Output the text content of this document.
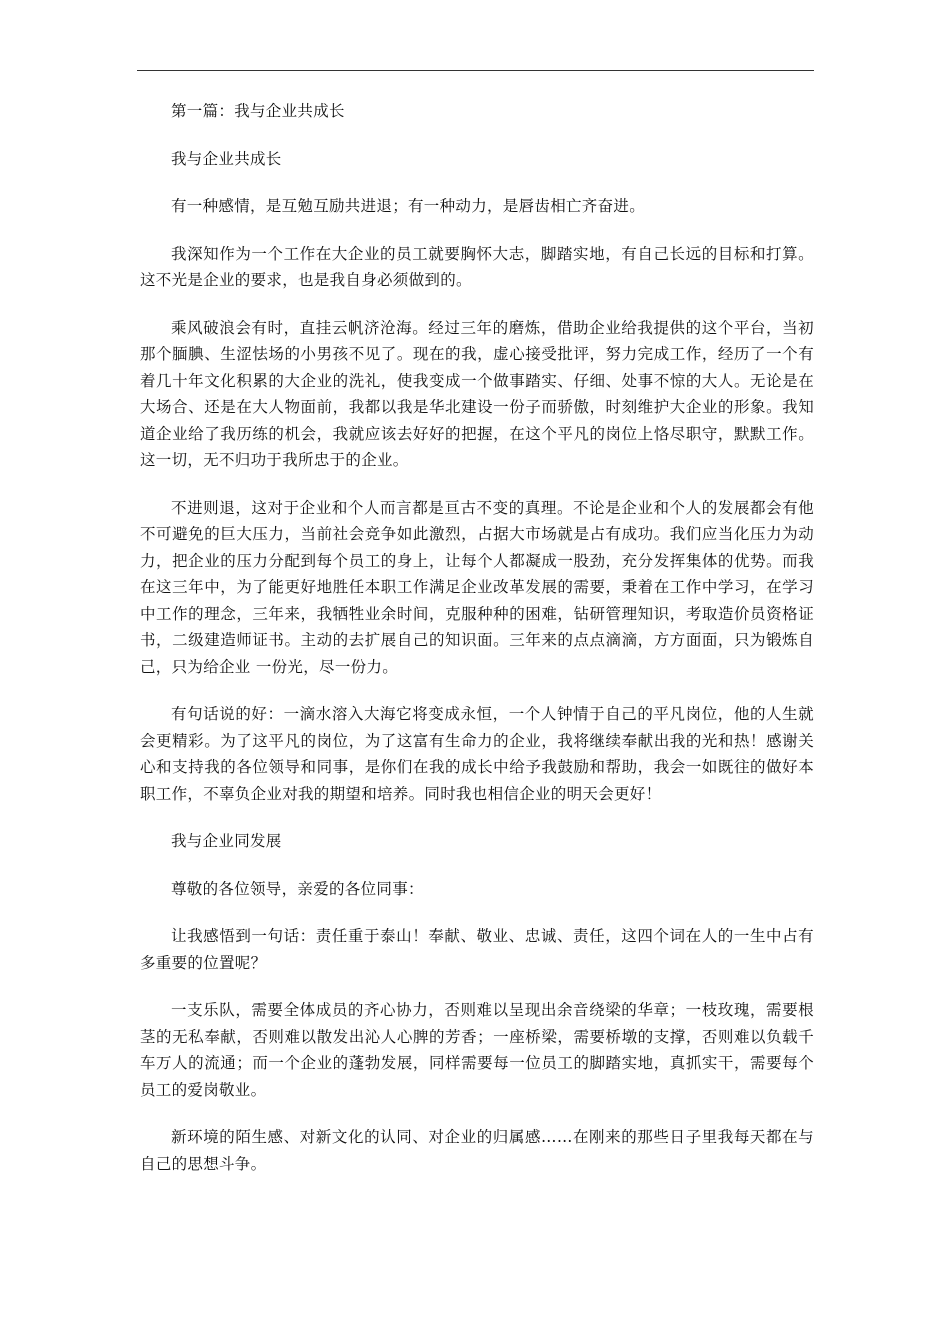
第一篇：我与企业共成长

我与企业共成长

有一种感情，是互勉互励共进退；有一种动力，是唇齿相亡齐奋进。

我深知作为一个工作在大企业的员工就要胸怀大志，脚踏实地，有自己长远的目标和打算。 这不光是企业的要求，也是我自身必须做到的。

乘风破浪会有时，直挂云帆济沧海。经过三年的磨炼，借助企业给我提供的这个平台，当初那个腼腆、生涩怯场的小男孩不见了。现在的我，虚心接受批评，努力完成工作，经历了一个有着几十年文化积累的大企业的洗礼，使我变成一个做事踏实、仔细、处事不惊的大人。无论是在大场合、还是在大人物面前，我都以我是华北建设一份子而骄傲，时刻维护大企业的形象。我知道企业给了我历练的机会，我就应该去好好的把握，在这个平凡的岗位上恪尽职守，默默工作。这一切，无不归功于我所忠于的企业。

不进则退，这对于企业和个人而言都是亘古不变的真理。不论是企业和个人的发展都会有他不可避免的巨大压力，当前社会竞争如此激烈，占据大市场就是占有成功。我们应当化压力为动力，把企业的压力分配到每个员工的身上，让每个人都凝成一股劲，充分发挥集体的优势。而我在这三年中，为了能更好地胜任本职工作满足企业改革发展的需要，秉着在工作中学习，在学习中工作的理念，三年来，我牺牲业余时间，克服种种的困难，钻研管理知识，考取造价员资格证书，二级建造师证书。主动的去扩展自己的知识面。三年来的点点滴滴，方方面面，只为锻炼自己，只为给企业 一份光，尽一份力。

有句话说的好：一滴水溶入大海它将变成永恒，一个人钟情于自己的平凡岗位，他的人生就会更精彩。为了这平凡的岗位，为了这富有生命力的企业，我将继续奉献出我的光和热！感谢关心和支持我的各位领导和同事，是你们在我的成长中给予我鼓励和帮助，我会一如既往的做好本职工作，不辜负企业对我的期望和培养。同时我也相信企业的明天会更好！

我与企业同发展

尊敬的各位领导，亲爱的各位同事：

让我感悟到一句话：责任重于泰山！奉献、敬业、忠诚、责任，这四个词在人的一生中占有多重要的位置呢？

一支乐队，需要全体成员的齐心协力，否则难以呈现出余音绕梁的华章；一枝玫瑰，需要根茎的无私奉献，否则难以散发出沁人心脾的芳香；一座桥梁，需要桥墩的支撑，否则难以负载千车万人的流通；而一个企业的蓬勃发展，同样需要每一位员工的脚踏实地，真抓实干，需要每个员工的爱岗敬业。

新环境的陌生感、对新文化的认同、对企业的归属感……在刚来的那些日子里我每天都在与自己的思想斗争。
